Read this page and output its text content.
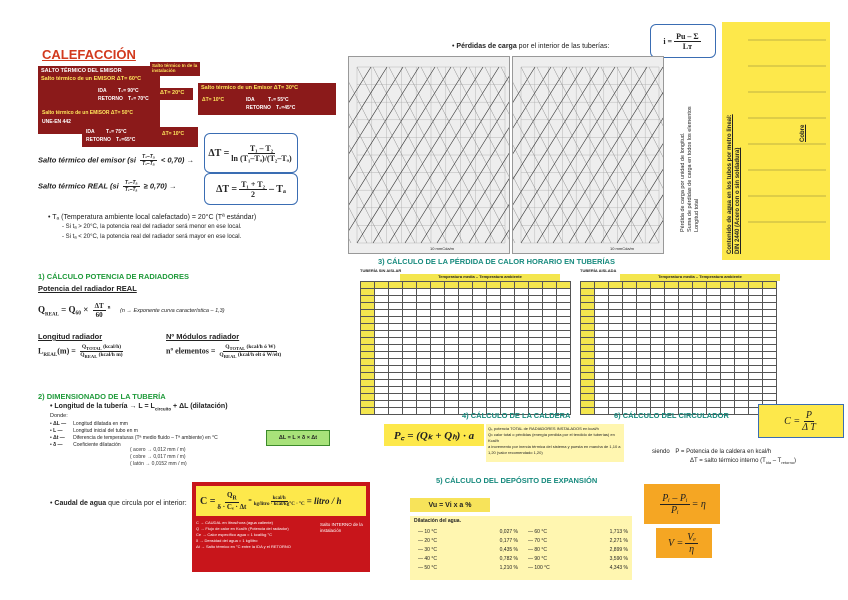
CALEFACCIÓN
SALTO TÉRMICO DEL EMISOR
Salto térmico de un EMISOR ΔT= 60°C
IDA T₁= 90°C
RETORNO T₂= 70°C
Salto térmico de un EMISOR ΔT= 50°C
UNE-EN 442
Salto térmico In de la instalación
ΔT= 20°C
Salto térmico de un Emisor ΔT= 30°C
IDA	T₁= 55°C
RETORNO T₂=45°C
ΔT= 10°C
IDA T₁= 75°C
RETORNO T₂=65°C
ΔT= 10°C
Salto térmico del emisor $(si \frac{\text{T₂–Tₐ}}{\text{T₁–Tₐ}} < 0,70)$ →
$\Delta T = \frac{\text{T₁ – T₂}}{\text{ln (T₁–Tₐ)/(T₂–Tₐ)}}$
Salto térmico REAL $(si \frac{\text{T₂–Tₐ}}{\text{T₁–Tₐ}} \ge 0,70)$ →	$\Delta T = \frac{\text{T₁ + T₂}}{2} - T_a$
• Tₐ (Temperatura ambiente local calefactado) = 20°C (Tª estándar)
- Si tₐ > 20°C, la potencia real del radiador será menor en ese local.
- Si tₐ < 20°C, la potencia real del radiador será mayor en ese local.
• Pérdidas de carga por el interior de las tuberías:
$i = \frac{Pu - \Sigma}{Lт}$
10 mmCda/m	10 mmCda/m
Pérdida de carga por unidad de longitud. Suma de pérdidas de carga en todos los elementos Longitud total	Contenido de agua en los tubos por metro lineal: DIN 2440 (Acero con o sin soldadura)
Cobre
1) CÁLCULO POTENCIA DE RADIADORES
Potencia del radiador REAL
$Q_{REAL} = Q_{60} \times \frac{\Delta T}{60} ^n$ (n → Exponente curva característica – 1,3)
Longitud radiador
$L_{REAL}(m) = \frac{Q_{TOTAL} (kcal/h)}{Q_{REAL} (kcal/h m)}$
Nº Módulos radiador
nº elementos = $\frac{Q_{TOTAL} (kcal/h ó W)}{Q_{REAL} (kcal/h elt ó W/elt)}$
2) DIMENSIONADO DE LA TUBERÍA
• Longitud de la tubería → $L = L_{circuito} + \Delta L$ (dilatación)
Donde:
• ΔL — Longitud dilatada en mm
• L — Longitud inicial del tubo en m
• Δt — Diferencia de temperaturas (Tª medio fluido – Tª ambiente) en °C
• δ — Coeficiente dilatación
( acero → 0,012 mm / m)
( cobre → 0,017 mm / m)
( latón → 0,0152 mm / m)
ΔL = L × δ × Δt
• Caudal de agua que circula por el interior:	$C = \frac{Q_R}{\text{δ · Cₑ · Δt}} = \frac{\text{kcal/h}}{\text{kg/litro · kcal/kg°C · °C}}$ = litro / h
C → CAUDAL en litros/hora (agua caliente)
Q → Flujo de calor en Kcal/h (Potencia del radiador)
Ce → Calor específico agua = 1 kcal/kg °C
δ → Densidad del agua = 1 kg/litro
Δt → Salto térmico en °C entre la IDA y el RETORNO
Salto INTERNO de la instalación
3) CÁLCULO DE LA PÉRDIDA DE CALOR HORARIO EN TUBERÍAS
TUBERÍA SIN AISLAR
Temperatura media – Temperatura ambiente

TUBERÍA AISLADA
Temperatura media – Temperatura ambiente

4) CÁLCULO DE LA CALDERA
P꜀ = (Qₖ + Qₕ) · a
Qₖ potencia TOTAL de RADIADORES INSTALADOS en kcal/h
Qₕ calor total o pérdidas (energía perdida por el tendido de tuberías) en Kcal/h
a incremento por inercia térmica del sistema y puesta en marcha de 1,10 a 1,20 (valor recomendado 1,20)
5) CÁLCULO DEL DEPÓSITO DE EXPANSIÓN
Vu = Vi x a %
Dilatación del agua.
— 10 °C	0,027 %
— 20 °C	0,177 %
— 30 °C	0,435 %
— 40 °C	0,782 %
— 50 °C	1,210 %
— 60 °C	1,713 %
— 70 °C	2,271 %
— 80 °C	2,899 %
— 90 °C	3,590 %
— 100 °C	4,343 %
6) CÁLCULO DEL CIRCULADOR	$C = \frac{P}{\text{Δ T}}$
siendo P = Potencia de la caldera en kcal/h
ΔT = salto térmico interno $(T_{ida} - T_{retorno})$
$\frac{\text{Pᵢ – Pᵢ}}{\text{Pᵢ}} = \eta$
$V = \frac{\text{Vₑ}}{\eta}$
